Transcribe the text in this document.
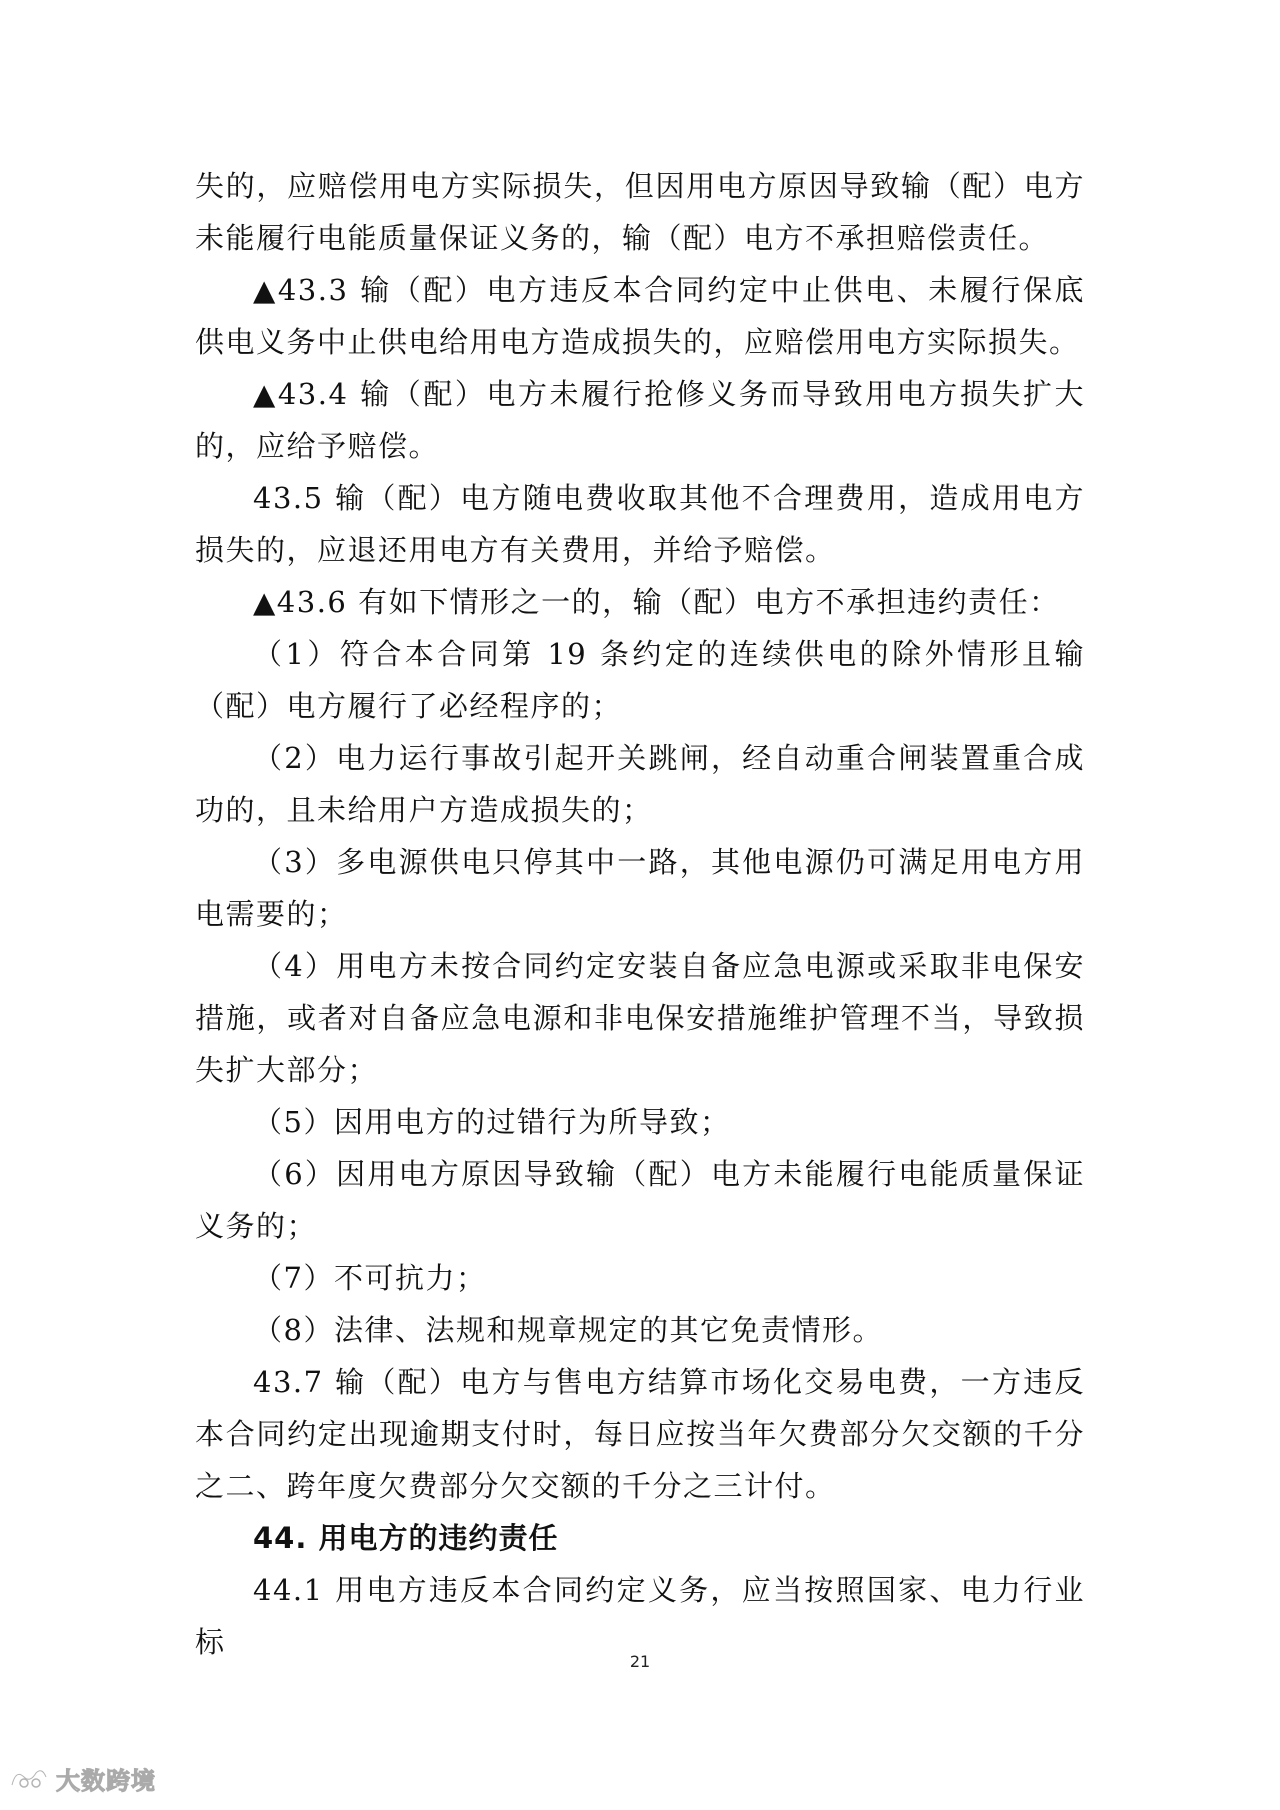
失的，应赔偿用电方实际损失，但因用电方原因导致输（配）电方未能履行电能质量保证义务的，输（配）电方不承担赔偿责任。

▲43.3 输（配）电方违反本合同约定中止供电、未履行保底供电义务中止供电给用电方造成损失的，应赔偿用电方实际损失。

▲43.4 输（配）电方未履行抢修义务而导致用电方损失扩大的，应给予赔偿。

43.5 输（配）电方随电费收取其他不合理费用，造成用电方损失的，应退还用电方有关费用，并给予赔偿。

▲43.6 有如下情形之一的，输（配）电方不承担违约责任：

（1）符合本合同第 19 条约定的连续供电的除外情形且输（配）电方履行了必经程序的；

（2）电力运行事故引起开关跳闸，经自动重合闸装置重合成功的，且未给用户方造成损失的；

（3）多电源供电只停其中一路，其他电源仍可满足用电方用电需要的；

（4）用电方未按合同约定安装自备应急电源或采取非电保安措施，或者对自备应急电源和非电保安措施维护管理不当，导致损失扩大部分；

（5）因用电方的过错行为所导致；

（6）因用电方原因导致输（配）电方未能履行电能质量保证义务的；

（7）不可抗力；

（8）法律、法规和规章规定的其它免责情形。

43.7 输（配）电方与售电方结算市场化交易电费，一方违反本合同约定出现逾期支付时，每日应按当年欠费部分欠交额的千分之二、跨年度欠费部分欠交额的千分之三计付。

44. 用电方的违约责任

44.1 用电方违反本合同约定义务，应当按照国家、电力行业标

21
大数跨境
